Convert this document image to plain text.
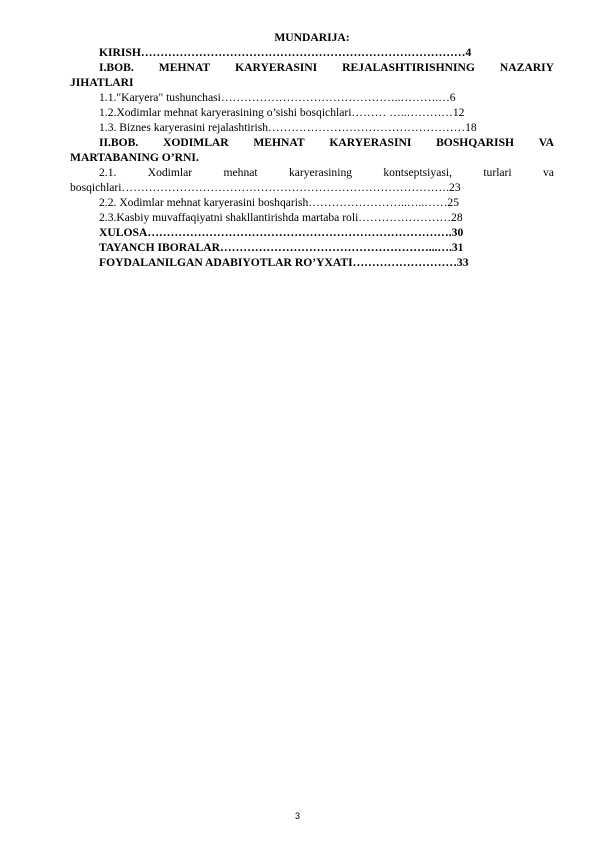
MUNDARIJA:
KIRISH…………………………………………………………………………4
I.BOB. MEHNAT KARYERASINI REJALASHTIRISHNING NAZARIY
JIHATLARI
1.1."Karyera" tushunchasi………………………………………..……….…6
1.2.Xodimlar mehnat karyerasining o’sishi bosqichlari……… …..…………12
1.3. Biznes karyerasini rejalashtirish……………………………………………18
II.BOB. XODIMLAR MEHNAT KARYERASINI BOSHQARISH VA
MARTABANING O’RNI.
2.1.	Xodimlar	mehnat	karyerasining	kontseptsiyasi,	turlari	va
bosqichlari………………………………………………………………………….23
2.2. Xodimlar mehnat karyerasini boshqarish……………………..…..……25
2.3.Kasbiy muvaffaqiyatni shakllantirishda martaba roli……………………28
XULOSA…………………………………………………………………….30
TAYANCH IBORALAR………………………………………………...….31
FOYDALANILGAN ADABIYOTLAR RO’YXATI………………………33
3
